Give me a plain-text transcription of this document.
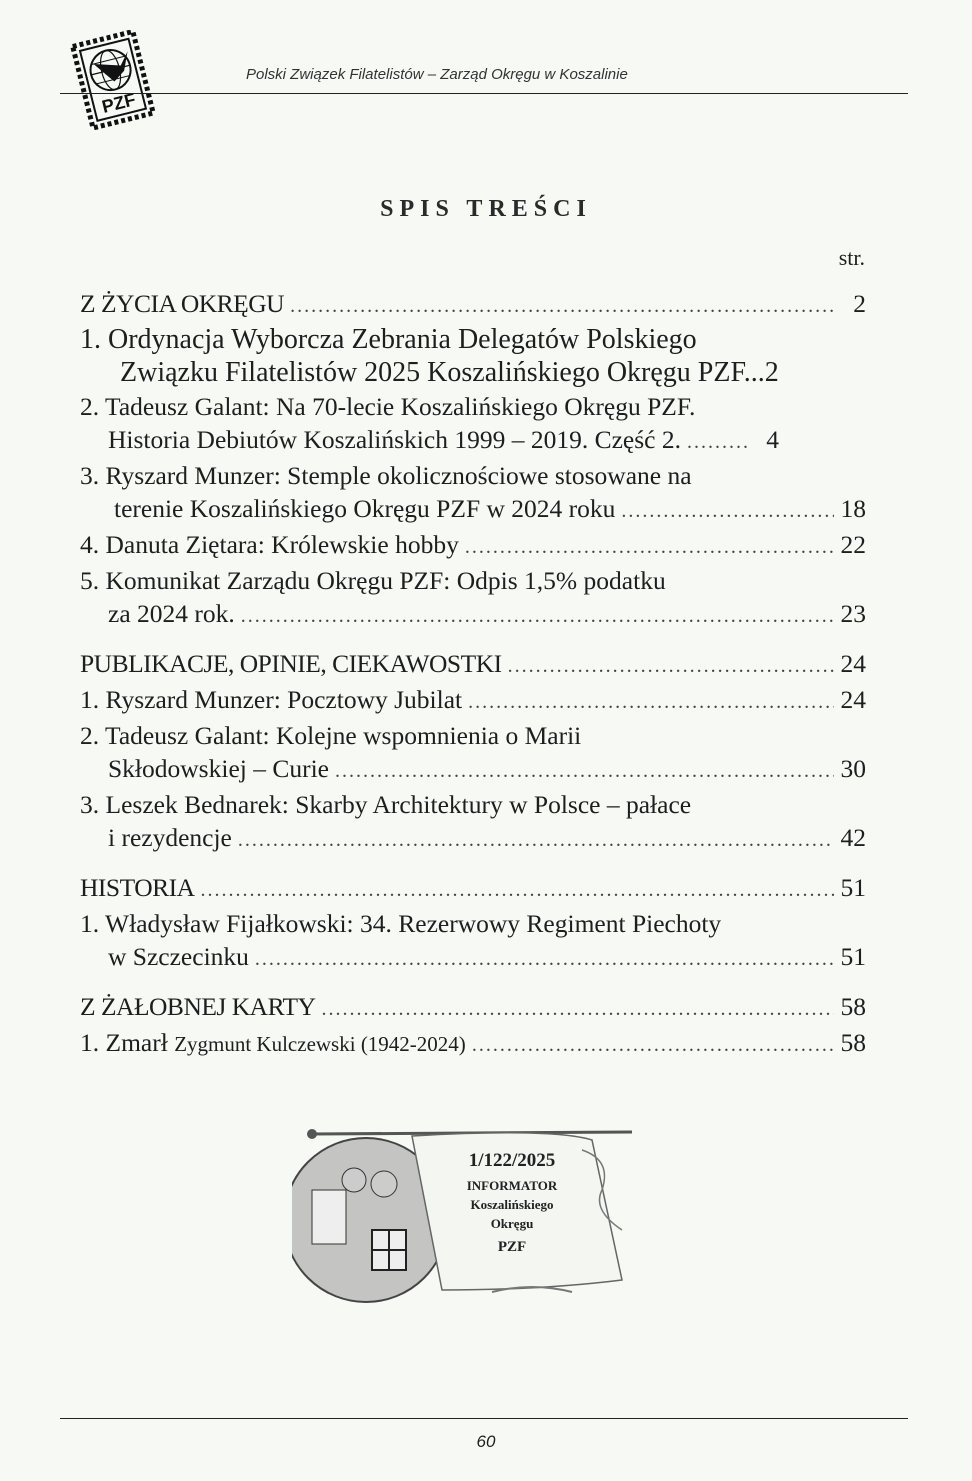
PZF
Polski Związek Filatelistów – Zarząd Okręgu w Koszalinie
SPIS TREŚCI
str.
Z ŻYCIA OKRĘGU .....	2
1. Ordynacja Wyborcza Zebrania Delegatów Polskiego
Związku Filatelistów 2025 Koszalińskiego Okręgu PZF... 2
2. Tadeusz Galant: Na 70-lecie Koszalińskiego Okręgu PZF.
Historia Debiutów Koszalińskich 1999 – 2019. Część 2. .....	4
3. Ryszard Munzer: Stemple okolicznościowe stosowane na
terenie Koszalińskiego Okręgu PZF w 2024 roku .....	18
4. Danuta Ziętara: Królewskie hobby .....	22
5. Komunikat Zarządu Okręgu PZF: Odpis 1,5% podatku
za 2024 rok. .....	23
PUBLIKACJE, OPINIE, CIEKAWOSTKI .....	24
1. Ryszard Munzer: Pocztowy Jubilat .....	24
2. Tadeusz Galant: Kolejne wspomnienia o Marii
Skłodowskiej – Curie .....	30
3. Leszek Bednarek: Skarby Architektury w Polsce – pałace
i rezydencje .....	42
HISTORIA .....	51
1. Władysław Fijałkowski: 34. Rezerwowy Regiment Piechoty
w Szczecinku .....	51
Z ŻAŁOBNEJ KARTY .....	58
1. Zmarł Zygmunt Kulczewski (1942-2024) .....	58
1/122/2025
INFORMATOR
Koszalińskiego
Okręgu
PZF
60
